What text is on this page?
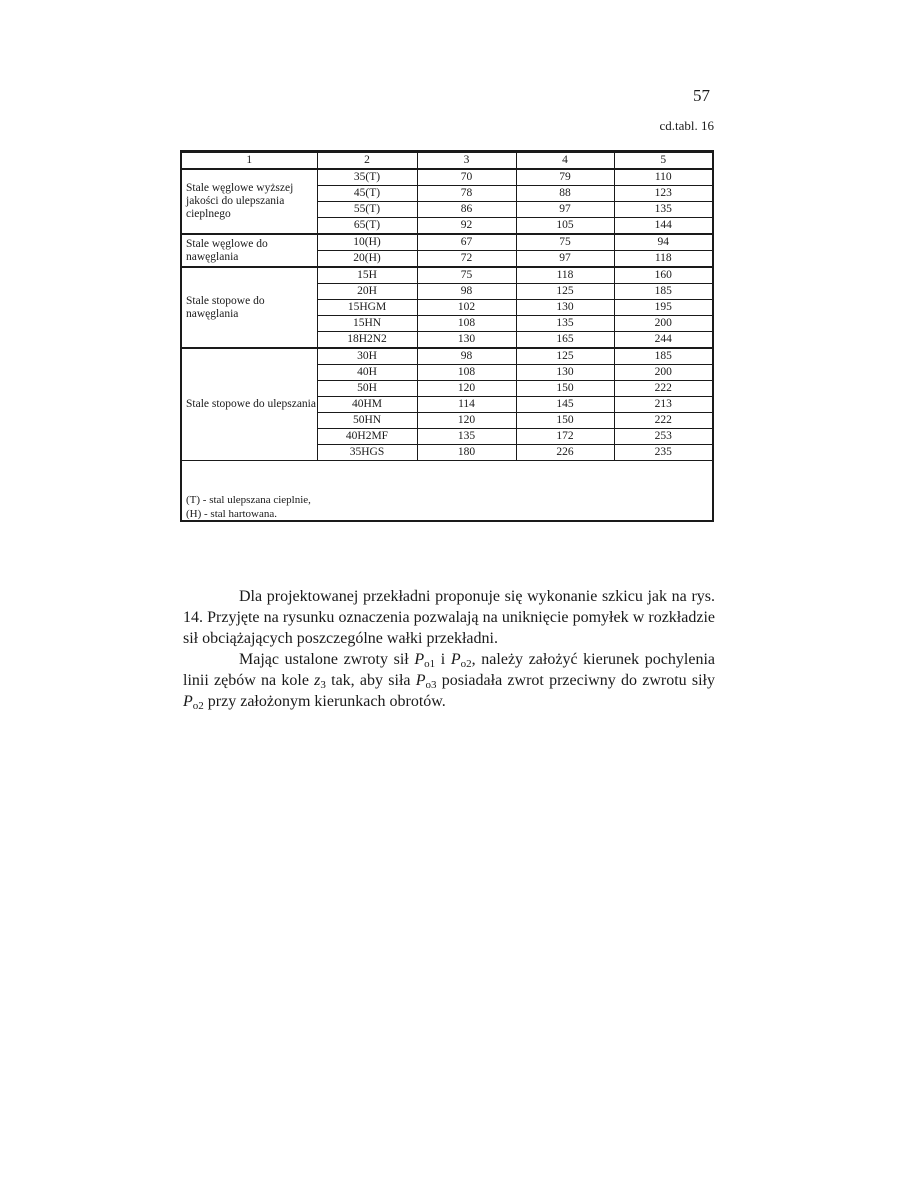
57
cd.tabl. 16
1	2	3	4	5
Stale węglowe wyższej jakości do ulepszania cieplnego	35(T)	70	79	110
	45(T)	78	88	123
	55(T)	86	97	135
	65(T)	92	105	144
Stale węglowe do nawęglania	10(H)	67	75	94
	20(H)	72	97	118
Stale stopowe do nawęglania	15H	75	118	160
	20H	98	125	185
	15HGM	102	130	195
	15HN	108	135	200
	18H2N2	130	165	244
Stale stopowe do ulepszania	30H	98	125	185
	40H	108	130	200
	50H	120	150	222
	40HM	114	145	213
	50HN	120	150	222
	40H2MF	135	172	253
	35HGS	180	226	235
(T) - stal ulepszana cieplnie,
(H) - stal hartowana.

Dla projektowanej przekładni proponuje się wykonanie szkicu jak na rys. 14. Przyjęte na rysunku oznaczenia pozwalają na uniknięcie pomyłek w rozkładzie sił obciążających poszczególne wałki przekładni.

Mając ustalone zwroty sił $P_{o1}$ i $P_{o2}$, należy założyć kierunek pochylenia linii zębów na kole $z_3$ tak, aby siła $P_{o3}$ posiadała zwrot przeciwny do zwrotu siły $P_{o2}$ przy założonym kierunkach obrotów.
